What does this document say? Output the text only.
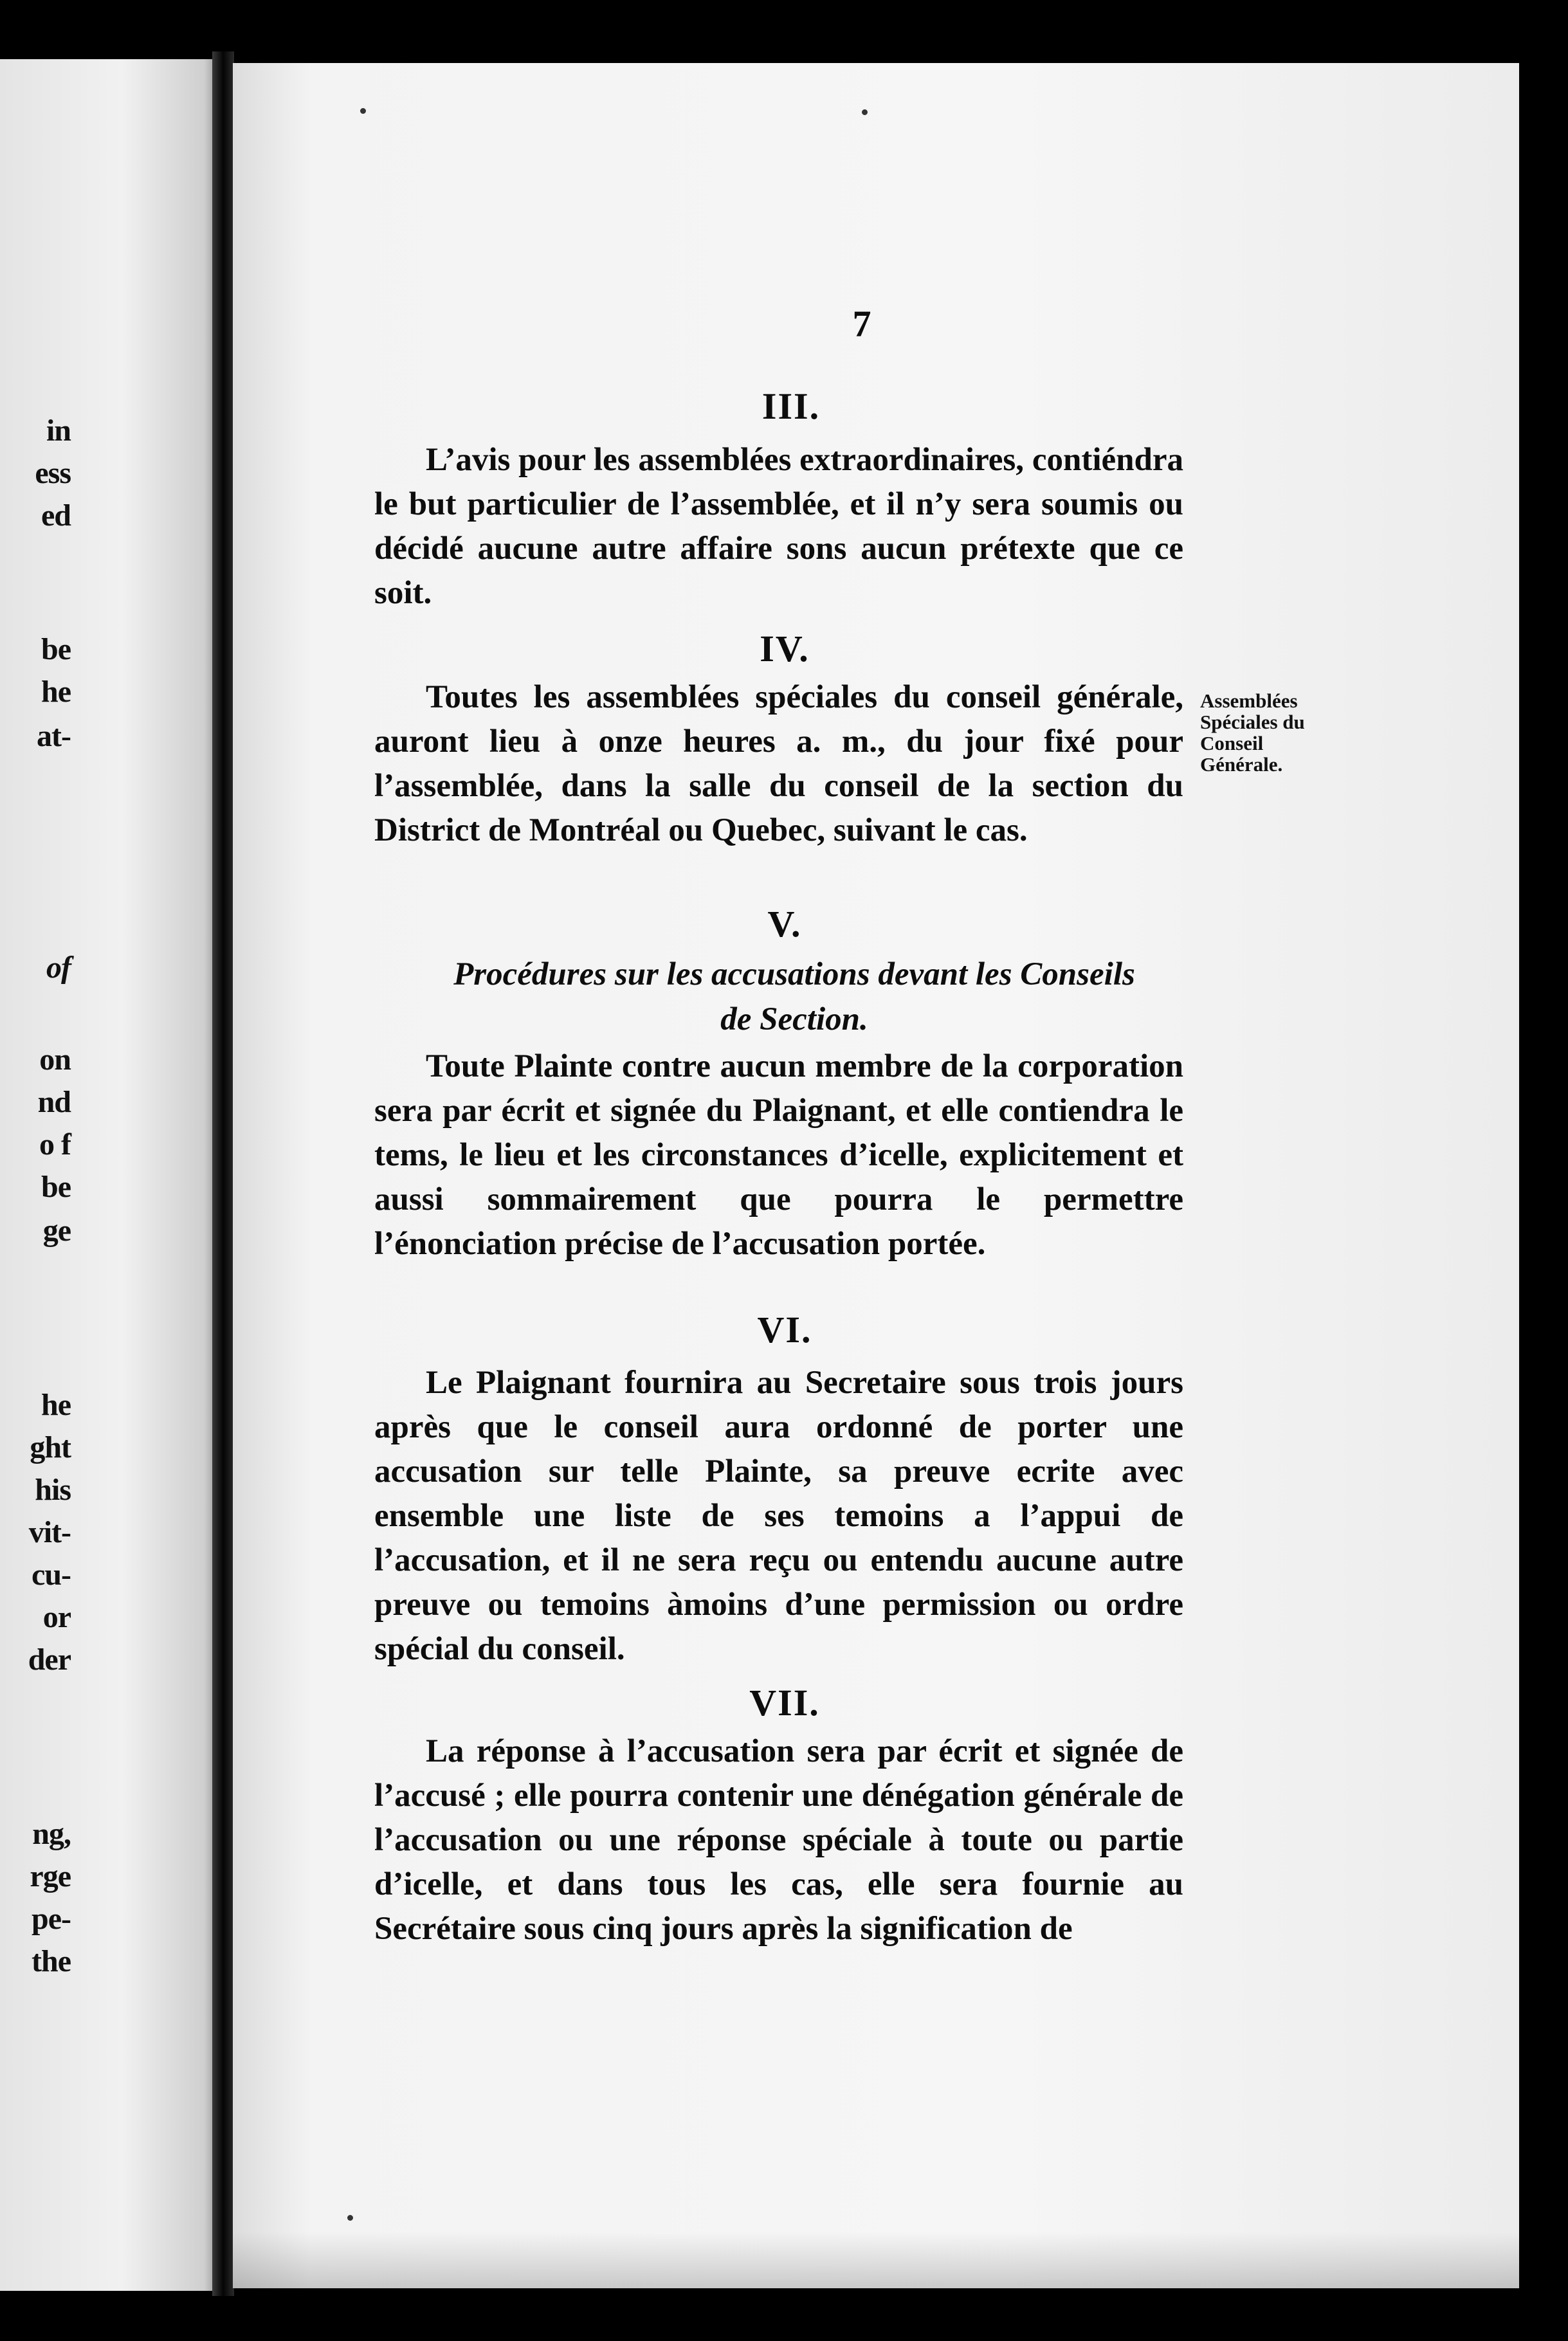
in
ess
ed
be
he
at-
of
on
nd
o f
be
ge
he
ght
his
vit-
cu-
or
der
ng,
rge
pe-
the
7
III.
L’avis pour les assemblées extraordinaires, contiéndra le but particulier de l’assemblée, et il n’y sera soumis ou décidé aucune autre affaire sons aucun prétexte que ce soit.
IV.
Toutes les assemblées spéciales du conseil générale, auront lieu à onze heures a. m., du jour fixé pour l’assemblée, dans la salle du conseil de la section du District de Montréal ou Quebec, suivant le cas.
Assemblées
Spéciales du
Conseil
Générale.
V.
Procédures sur les accusations devant les Conseils
de Section.
Toute Plainte contre aucun membre de la corporation sera par écrit et signée du Plaignant, et elle contiendra le tems, le lieu et les circonstances d’icelle, explicitement et aussi sommairement que pourra le permettre l’énonciation précise de l’accusation portée.
VI.
Le Plaignant fournira au Secretaire sous trois jours après que le conseil aura ordonné de porter une accusation sur telle Plainte, sa preuve ecrite avec ensemble une liste de ses temoins a l’appui de l’accusation, et il ne sera reçu ou entendu aucune autre preuve ou temoins àmoins d’une permission ou ordre spécial du conseil.
VII.
La réponse à l’accusation sera par écrit et signée de l’accusé ; elle pourra contenir une dénégation générale de l’accusation ou une réponse spéciale à toute ou partie d’icelle, et dans tous les cas, elle sera fournie au Secrétaire sous cinq jours après la signification de
